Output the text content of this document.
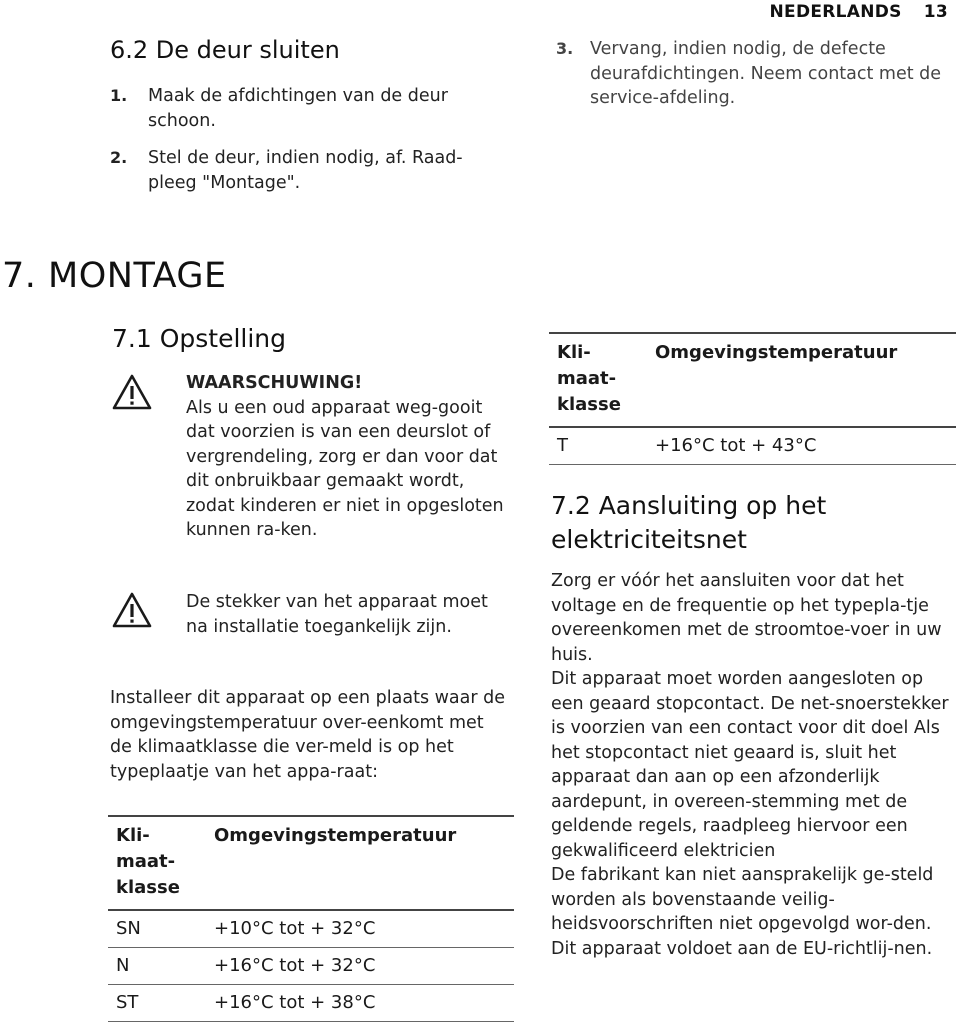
NEDERLANDS 13
6.2 De deur sluiten
1. Maak de afdichtingen van de deur schoon.
2. Stel de deur, indien nodig, af. Raad-pleeg "Montage".
3. Vervang, indien nodig, de defecte deurafdichtingen. Neem contact met de service-afdeling.
7. MONTAGE
7.1 Opstelling

WAARSCHUWING!

Als u een oud apparaat weg-gooit dat voorzien is van een deurslot of vergrendeling, zorg er dan voor dat dit onbruikbaar gemaakt wordt, zodat kinderen er niet in opgesloten kunnen ra-ken.

De stekker van het apparaat moet na installatie toegankelijk zijn.

Installeer dit apparaat op een plaats waar de omgevingstemperatuur over-eenkomt met de klimaatklasse die ver-meld is op het typeplaatje van het appa-raat:

Kli-maat-klasse	Omgevingstemperatuur
SN	+10°C tot + 32°C
N	+16°C tot + 32°C
ST	+16°C tot + 38°C
Kli-maat-klasse	Omgevingstemperatuur
T	+16°C tot + 43°C
7.2 Aansluiting op het elektriciteitsnet

Zorg er vóór het aansluiten voor dat het voltage en de frequentie op het typepla-tje overeenkomen met de stroomtoe-voer in uw huis.

Dit apparaat moet worden aangesloten op een geaard stopcontact. De net-snoerstekker is voorzien van een contact voor dit doel Als het stopcontact niet geaard is, sluit het apparaat dan aan op een afzonderlijk aardepunt, in overeen-stemming met de geldende regels, raadpleeg hiervoor een gekwalificeerd elektricien

De fabrikant kan niet aansprakelijk ge-steld worden als bovenstaande veilig-heidsvoorschriften niet opgevolgd wor-den.

Dit apparaat voldoet aan de EU-richtlij-nen.
